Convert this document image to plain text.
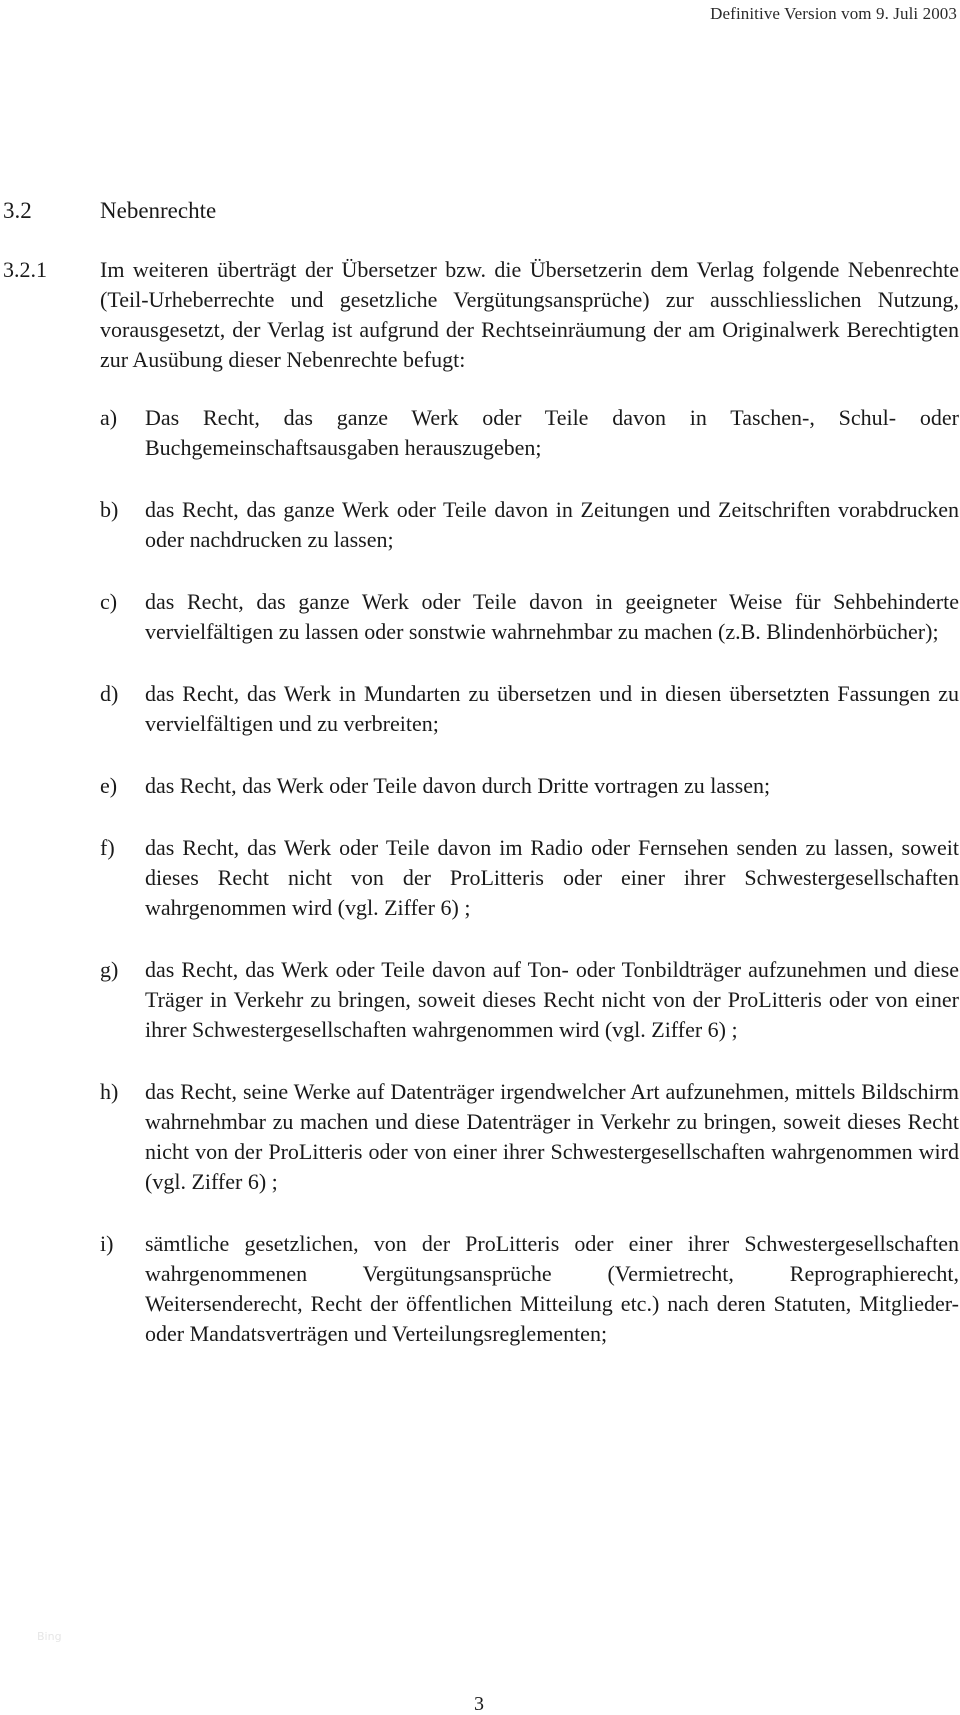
Definitive Version vom 9. Juli 2003
3.2	Nebenrechte
3.2.1 Im weiteren überträgt der Übersetzer bzw. die Übersetzerin dem Verlag folgende Nebenrechte (Teil-Urheberrechte und gesetzliche Vergütungsansprüche) zur ausschliesslichen Nutzung, vorausgesetzt, der Verlag ist aufgrund der Rechtseinräumung der am Originalwerk Berechtigten zur Ausübung dieser Nebenrechte befugt:
a) Das Recht, das ganze Werk oder Teile davon in Taschen-, Schul- oder Buchgemeinschaftsausgaben herauszugeben;
b) das Recht, das ganze Werk oder Teile davon in Zeitungen und Zeitschriften vorabdrucken oder nachdrucken zu lassen;
c) das Recht, das ganze Werk oder Teile davon in geeigneter Weise für Sehbehinderte vervielfältigen zu lassen oder sonstwie wahrnehmbar zu machen (z.B. Blindenhörbücher);
d) das Recht, das Werk in Mundarten zu übersetzen und in diesen übersetzten Fassungen zu vervielfältigen und zu verbreiten;
e) das Recht, das Werk oder Teile davon durch Dritte vortragen zu lassen;
f) das Recht, das Werk oder Teile davon im Radio oder Fernsehen senden zu lassen, soweit dieses Recht nicht von der ProLitteris oder einer ihrer Schwestergesellschaften wahrgenommen wird (vgl. Ziffer 6) ;
g) das Recht, das Werk oder Teile davon auf Ton- oder Tonbildträger aufzunehmen und diese Träger in Verkehr zu bringen, soweit dieses Recht nicht von der ProLitteris oder von einer ihrer Schwestergesellschaften wahrgenommen wird (vgl. Ziffer 6) ;
h) das Recht, seine Werke auf Datenträger irgendwelcher Art aufzunehmen, mittels Bildschirm wahrnehmbar zu machen und diese Datenträger in Verkehr zu bringen, soweit dieses Recht nicht von der ProLitteris oder von einer ihrer Schwestergesellschaften wahrgenommen wird (vgl. Ziffer 6) ;
i) sämtliche gesetzlichen, von der ProLitteris oder einer ihrer Schwestergesellschaften wahrgenommenen Vergütungsansprüche (Vermietrecht, Reprographierecht, Weitersenderecht, Recht der öffentlichen Mitteilung etc.) nach deren Statuten, Mitglieder- oder Mandatsverträgen und Verteilungsreglementen;
Bing
3
